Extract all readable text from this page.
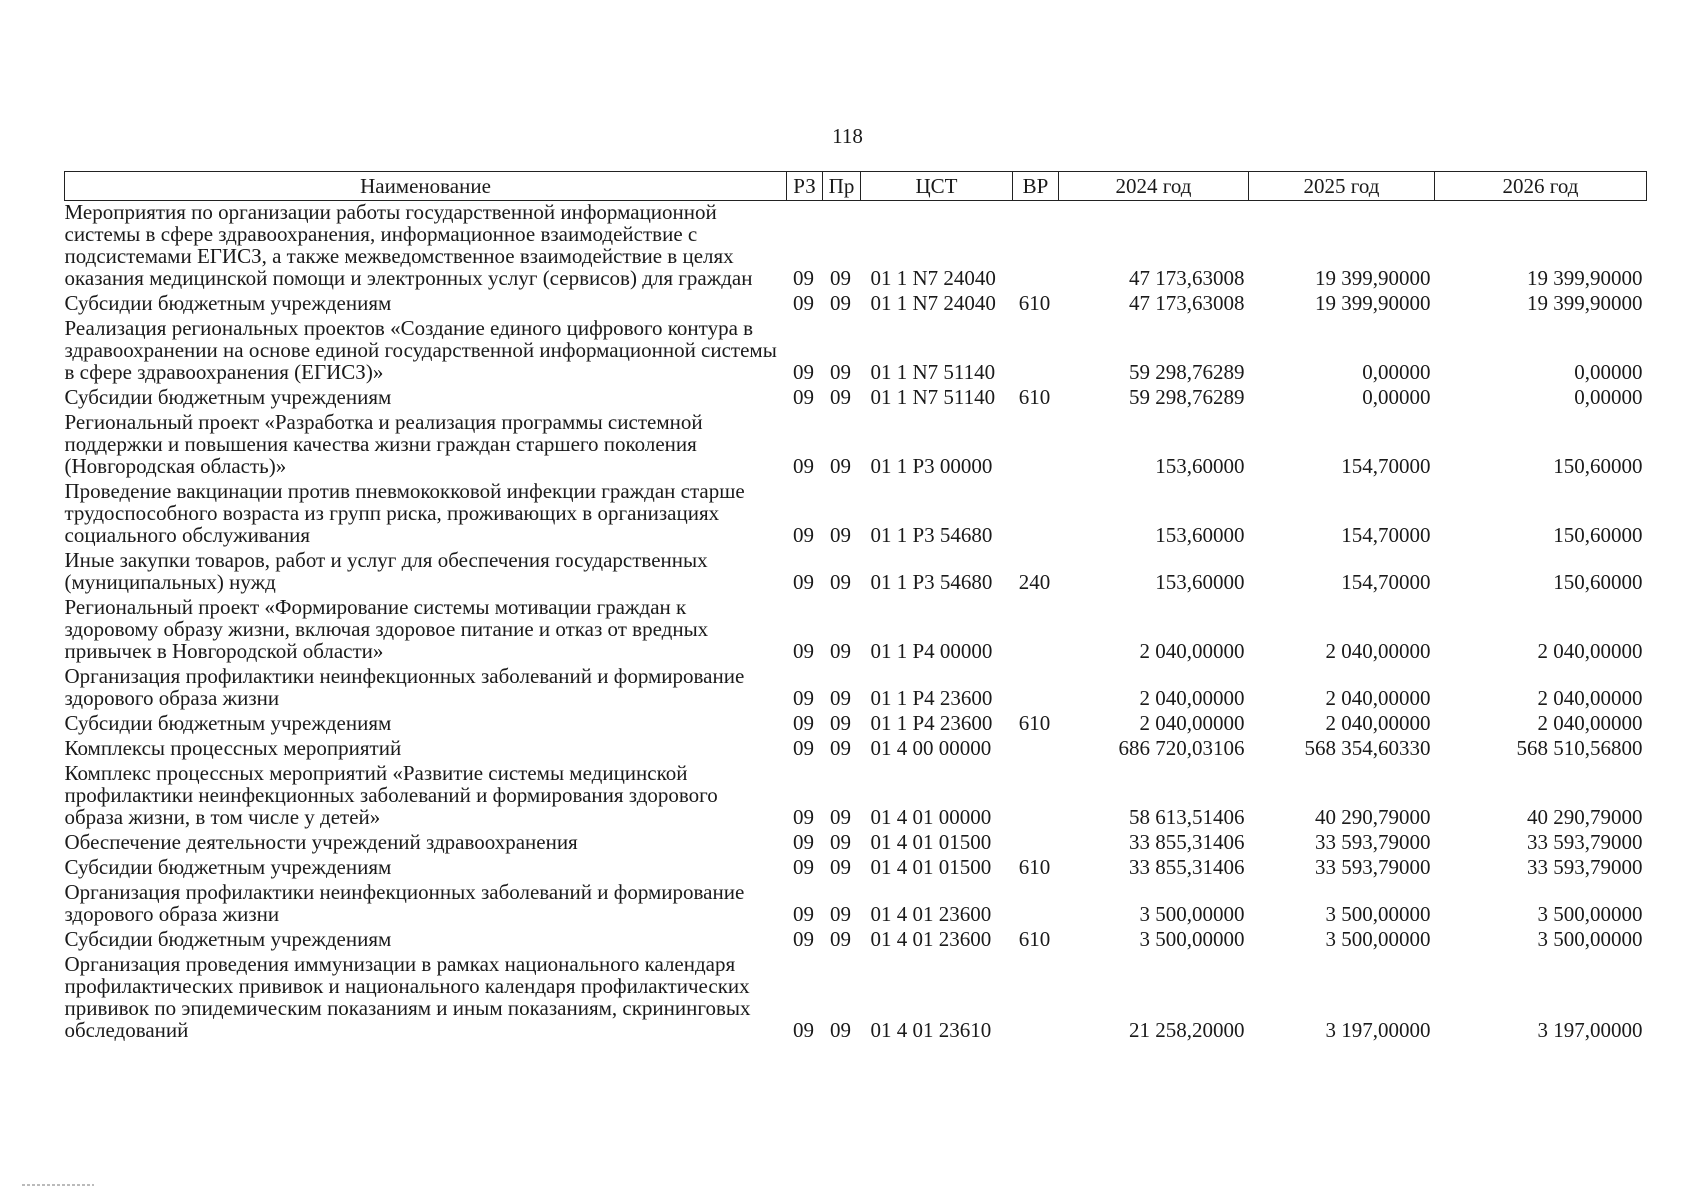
118
Наименование	РЗ	Пр	ЦСТ	ВР	2024 год	2025 год	2026 год
Мероприятия по организации работы государственной информационной системы в сфере здравоохранения, информационное взаимодействие с подсистемами ЕГИСЗ, а также межведомственное взаимодействие в целях оказания медицинской помощи и электронных услуг (сервисов) для граждан	09	09	01 1 N7 24040		47 173,63008	19 399,90000	19 399,90000
Субсидии бюджетным учреждениям	09	09	01 1 N7 24040	610	47 173,63008	19 399,90000	19 399,90000
Реализация региональных проектов «Создание единого цифрового контура в здравоохранении на основе единой государственной информационной системы в сфере здравоохранения (ЕГИСЗ)»	09	09	01 1 N7 51140		59 298,76289	0,00000	0,00000
Субсидии бюджетным учреждениям	09	09	01 1 N7 51140	610	59 298,76289	0,00000	0,00000
Региональный проект «Разработка и реализация программы системной поддержки и повышения качества жизни граждан старшего поколения (Новгородская область)»	09	09	01 1 P3 00000		153,60000	154,70000	150,60000
Проведение вакцинации против пневмококковой инфекции граждан старше трудоспособного возраста из групп риска, проживающих в организациях социального обслуживания	09	09	01 1 P3 54680		153,60000	154,70000	150,60000
Иные закупки товаров, работ и услуг для обеспечения государственных (муниципальных) нужд	09	09	01 1 P3 54680	240	153,60000	154,70000	150,60000
Региональный проект «Формирование системы мотивации граждан к здоровому образу жизни, включая здоровое питание и отказ от вредных привычек в Новгородской области»	09	09	01 1 P4 00000		2 040,00000	2 040,00000	2 040,00000
Организация профилактики неинфекционных заболеваний и формирование здорового образа жизни	09	09	01 1 P4 23600		2 040,00000	2 040,00000	2 040,00000
Субсидии бюджетным учреждениям	09	09	01 1 P4 23600	610	2 040,00000	2 040,00000	2 040,00000
Комплексы процессных мероприятий	09	09	01 4 00 00000		686 720,03106	568 354,60330	568 510,56800
Комплекс процессных мероприятий «Развитие системы медицинской профилактики неинфекционных заболеваний и формирования здорового образа жизни, в том числе у детей»	09	09	01 4 01 00000		58 613,51406	40 290,79000	40 290,79000
Обеспечение деятельности учреждений здравоохранения	09	09	01 4 01 01500		33 855,31406	33 593,79000	33 593,79000
Субсидии бюджетным учреждениям	09	09	01 4 01 01500	610	33 855,31406	33 593,79000	33 593,79000
Организация профилактики неинфекционных заболеваний и формирование здорового образа жизни	09	09	01 4 01 23600		3 500,00000	3 500,00000	3 500,00000
Субсидии бюджетным учреждениям	09	09	01 4 01 23600	610	3 500,00000	3 500,00000	3 500,00000
Организация проведения иммунизации в рамках национального календаря профилактических прививок и национального календаря профилактических прививок по эпидемическим показаниям и иным показаниям, скрининговых обследований	09	09	01 4 01 23610		21 258,20000	3 197,00000	3 197,00000
